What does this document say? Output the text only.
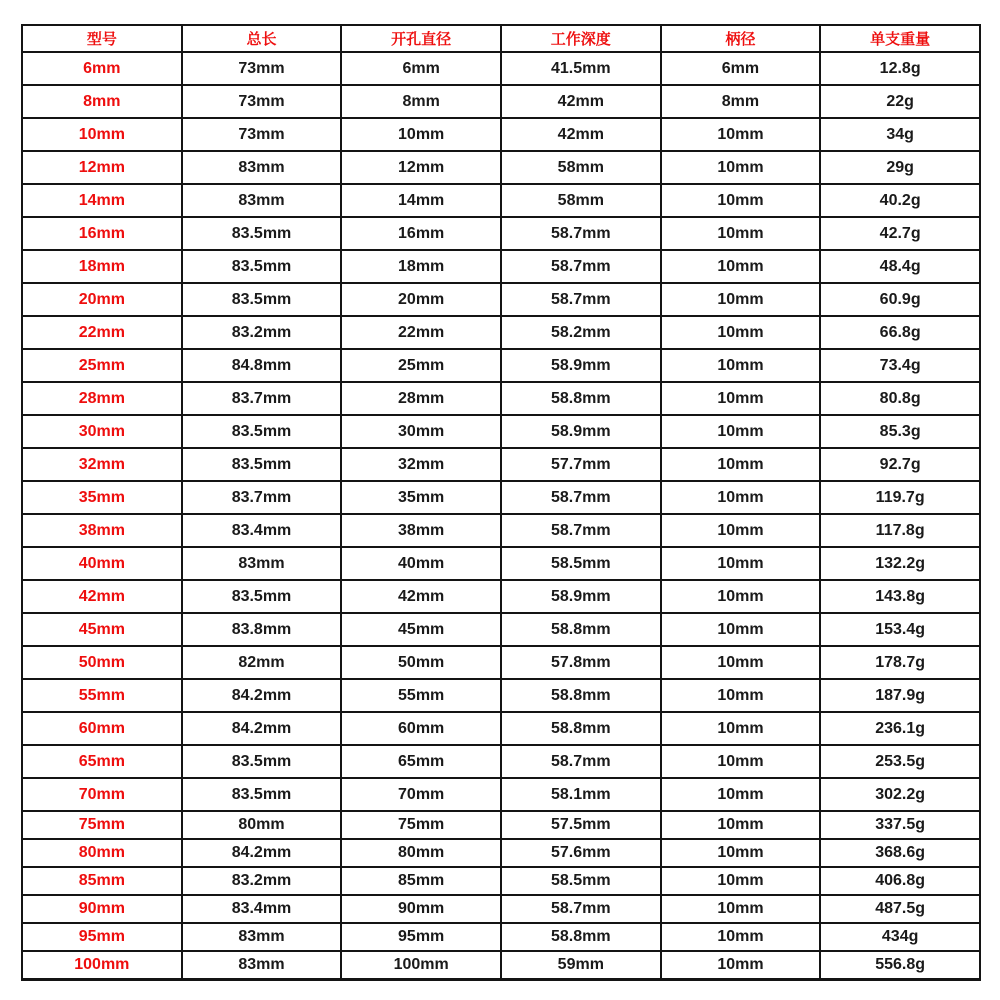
型号	总长	开孔直径	工作深度	柄径	单支重量
6mm	73mm	6mm	41.5mm	6mm	12.8g
8mm	73mm	8mm	42mm	8mm	22g
10mm	73mm	10mm	42mm	10mm	34g
12mm	83mm	12mm	58mm	10mm	29g
14mm	83mm	14mm	58mm	10mm	40.2g
16mm	83.5mm	16mm	58.7mm	10mm	42.7g
18mm	83.5mm	18mm	58.7mm	10mm	48.4g
20mm	83.5mm	20mm	58.7mm	10mm	60.9g
22mm	83.2mm	22mm	58.2mm	10mm	66.8g
25mm	84.8mm	25mm	58.9mm	10mm	73.4g
28mm	83.7mm	28mm	58.8mm	10mm	80.8g
30mm	83.5mm	30mm	58.9mm	10mm	85.3g
32mm	83.5mm	32mm	57.7mm	10mm	92.7g
35mm	83.7mm	35mm	58.7mm	10mm	119.7g
38mm	83.4mm	38mm	58.7mm	10mm	117.8g
40mm	83mm	40mm	58.5mm	10mm	132.2g
42mm	83.5mm	42mm	58.9mm	10mm	143.8g
45mm	83.8mm	45mm	58.8mm	10mm	153.4g
50mm	82mm	50mm	57.8mm	10mm	178.7g
55mm	84.2mm	55mm	58.8mm	10mm	187.9g
60mm	84.2mm	60mm	58.8mm	10mm	236.1g
65mm	83.5mm	65mm	58.7mm	10mm	253.5g
70mm	83.5mm	70mm	58.1mm	10mm	302.2g
75mm	80mm	75mm	57.5mm	10mm	337.5g
80mm	84.2mm	80mm	57.6mm	10mm	368.6g
85mm	83.2mm	85mm	58.5mm	10mm	406.8g
90mm	83.4mm	90mm	58.7mm	10mm	487.5g
95mm	83mm	95mm	58.8mm	10mm	434g
100mm	83mm	100mm	59mm	10mm	556.8g
